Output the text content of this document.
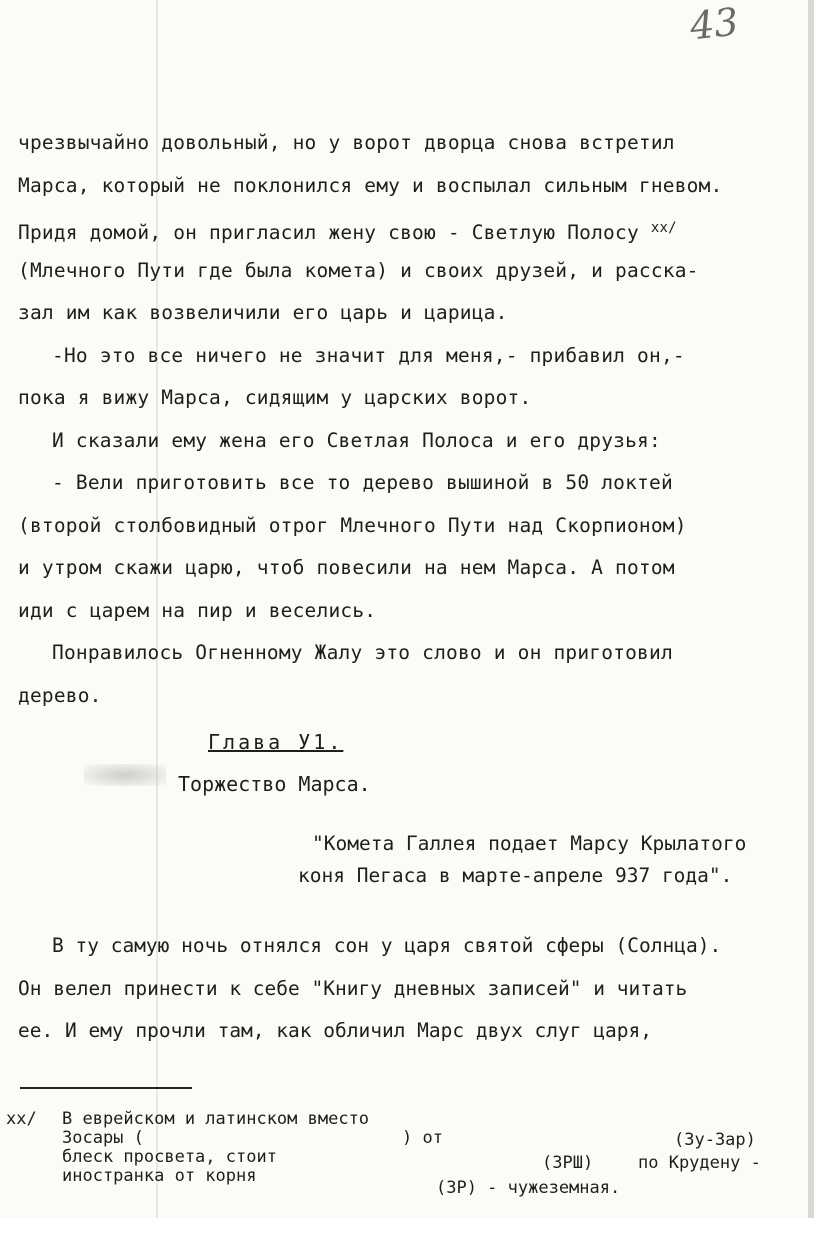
43
чрезвычайно довольный, но у ворот дворца снова встретил
Марса, который не поклонился ему и воспылал сильным гневом.
Придя домой, он пригласил жену свою - Светлую Полосу $^{хх/}$
(Млечного Пути где была комета) и своих друзей, и расска-
зал им как возвеличили его царь и царица.
-Но это все ничего не значит для меня,- прибавил он,-
пока я вижу Марса, сидящим у царских ворот.
И сказали ему жена его Светлая Полоса и его друзья:
- Вели приготовить все то дерево вышиной в 50 локтей
(второй столбовидный отрог Млечного Пути над Скорпионом)
и утром скажи царю, чтоб повесили на нем Марса. А потом
иди с царем на пир и веселись.
Понравилось Огненному Жалу это слово и он приготовил
дерево.
Глава У1.
Торжество Марса.
"Комета Галлея подает Марсу Крылатого
коня Пегаса в марте-апреле 937 года".
В ту самую ночь отнялся сон у царя святой сферы (Солнца).
Он велел принести к себе "Книгу дневных записей" и читать
ее. И ему прочли там, как обличил Марс двух слуг царя,

хх/

В еврейском и латинском вместо

Зосары (

	) от

	(Зу-Зар)

блеск просвета, стоит

	(ЗРШ)

	по Крудену -

иностранка от корня

(ЗР) - чужеземная.
